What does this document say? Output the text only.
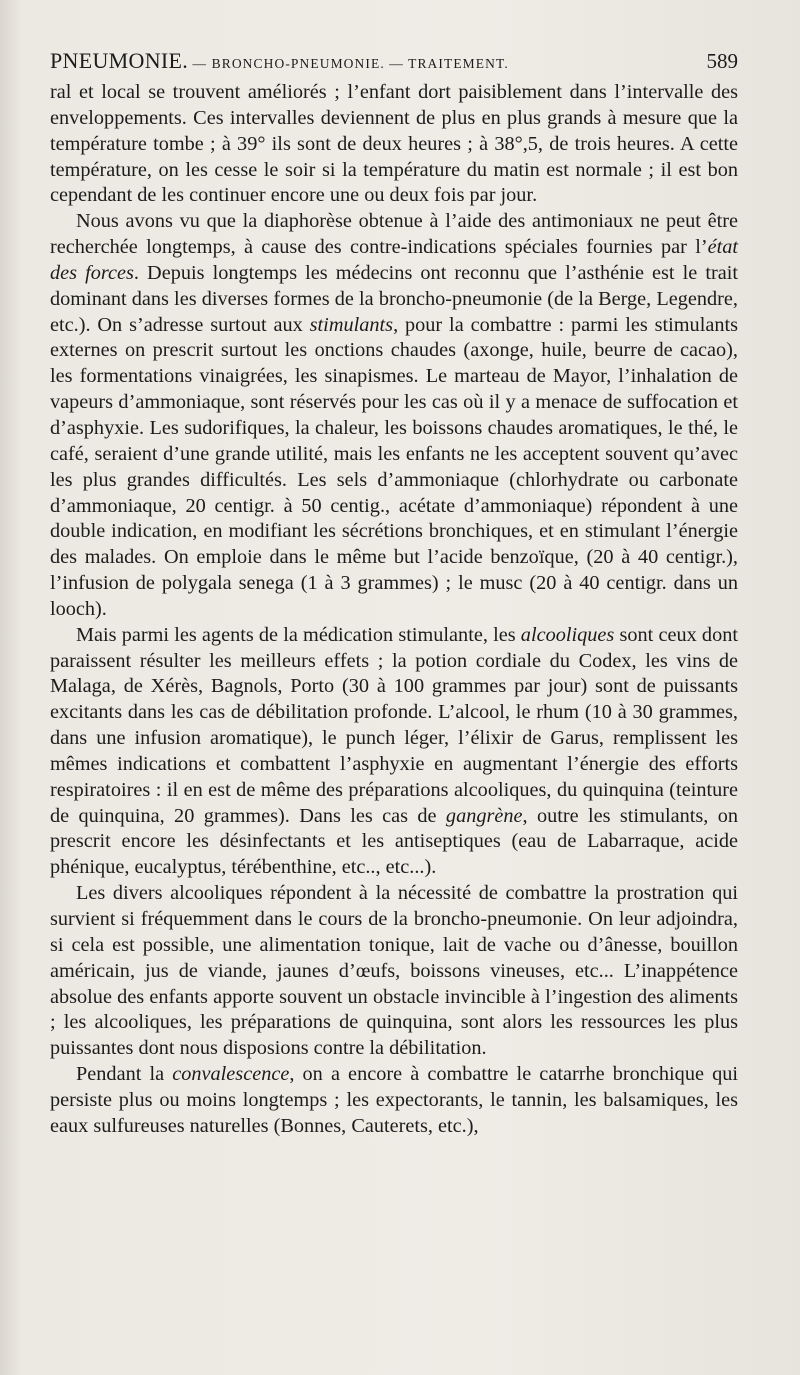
PNEUMONIE. — BRONCHO-PNEUMONIE. — TRAITEMENT.	589

ral et local se trouvent améliorés ; l’enfant dort paisiblement dans l’intervalle des enveloppements. Ces intervalles deviennent de plus en plus grands à mesure que la température tombe ; à 39° ils sont de deux heures ; à 38°,5, de trois heures. A cette température, on les cesse le soir si la température du matin est normale ; il est bon cependant de les continuer encore une ou deux fois par jour.

Nous avons vu que la diaphorèse obtenue à l’aide des antimoniaux ne peut être recherchée longtemps, à cause des contre-indications spéciales fournies par l’état des forces. Depuis longtemps les médecins ont reconnu que l’asthénie est le trait dominant dans les diverses formes de la broncho-pneumonie (de la Berge, Legendre, etc.). On s’adresse surtout aux stimulants, pour la combattre : parmi les stimulants externes on prescrit surtout les onctions chaudes (axonge, huile, beurre de cacao), les formentations vinaigrées, les sinapismes. Le marteau de Mayor, l’inhalation de vapeurs d’ammoniaque, sont réservés pour les cas où il y a menace de suffocation et d’asphyxie. Les sudorifiques, la chaleur, les boissons chaudes aromatiques, le thé, le café, seraient d’une grande utilité, mais les enfants ne les acceptent souvent qu’avec les plus grandes difficultés. Les sels d’ammoniaque (chlorhydrate ou carbonate d’ammoniaque, 20 centigr. à 50 centig., acétate d’ammoniaque) répondent à une double indication, en modifiant les sécrétions bronchiques, et en stimulant l’énergie des malades. On emploie dans le même but l’acide benzoïque, (20 à 40 centigr.), l’infusion de polygala senega (1 à 3 grammes) ; le musc (20 à 40 centigr. dans un looch).

Mais parmi les agents de la médication stimulante, les alcooliques sont ceux dont paraissent résulter les meilleurs effets ; la potion cordiale du Codex, les vins de Malaga, de Xérès, Bagnols, Porto (30 à 100 grammes par jour) sont de puissants excitants dans les cas de débilitation profonde. L’alcool, le rhum (10 à 30 grammes, dans une infusion aromatique), le punch léger, l’élixir de Garus, remplissent les mêmes indications et combattent l’asphyxie en augmentant l’énergie des efforts respiratoires : il en est de même des préparations alcooliques, du quinquina (teinture de quinquina, 20 grammes). Dans les cas de gangrène, outre les stimulants, on prescrit encore les désinfectants et les antiseptiques (eau de Labarraque, acide phénique, eucalyptus, térébenthine, etc.., etc...).

Les divers alcooliques répondent à la nécessité de combattre la prostration qui survient si fréquemment dans le cours de la broncho-pneumonie. On leur adjoindra, si cela est possible, une alimentation tonique, lait de vache ou d’ânesse, bouillon américain, jus de viande, jaunes d’œufs, boissons vineuses, etc... L’inappétence absolue des enfants apporte souvent un obstacle invincible à l’ingestion des aliments ; les alcooliques, les préparations de quinquina, sont alors les ressources les plus puissantes dont nous disposions contre la débilitation.

Pendant la convalescence, on a encore à combattre le catarrhe bronchique qui persiste plus ou moins longtemps ; les expectorants, le tannin, les balsamiques, les eaux sulfureuses naturelles (Bonnes, Cauterets, etc.),
